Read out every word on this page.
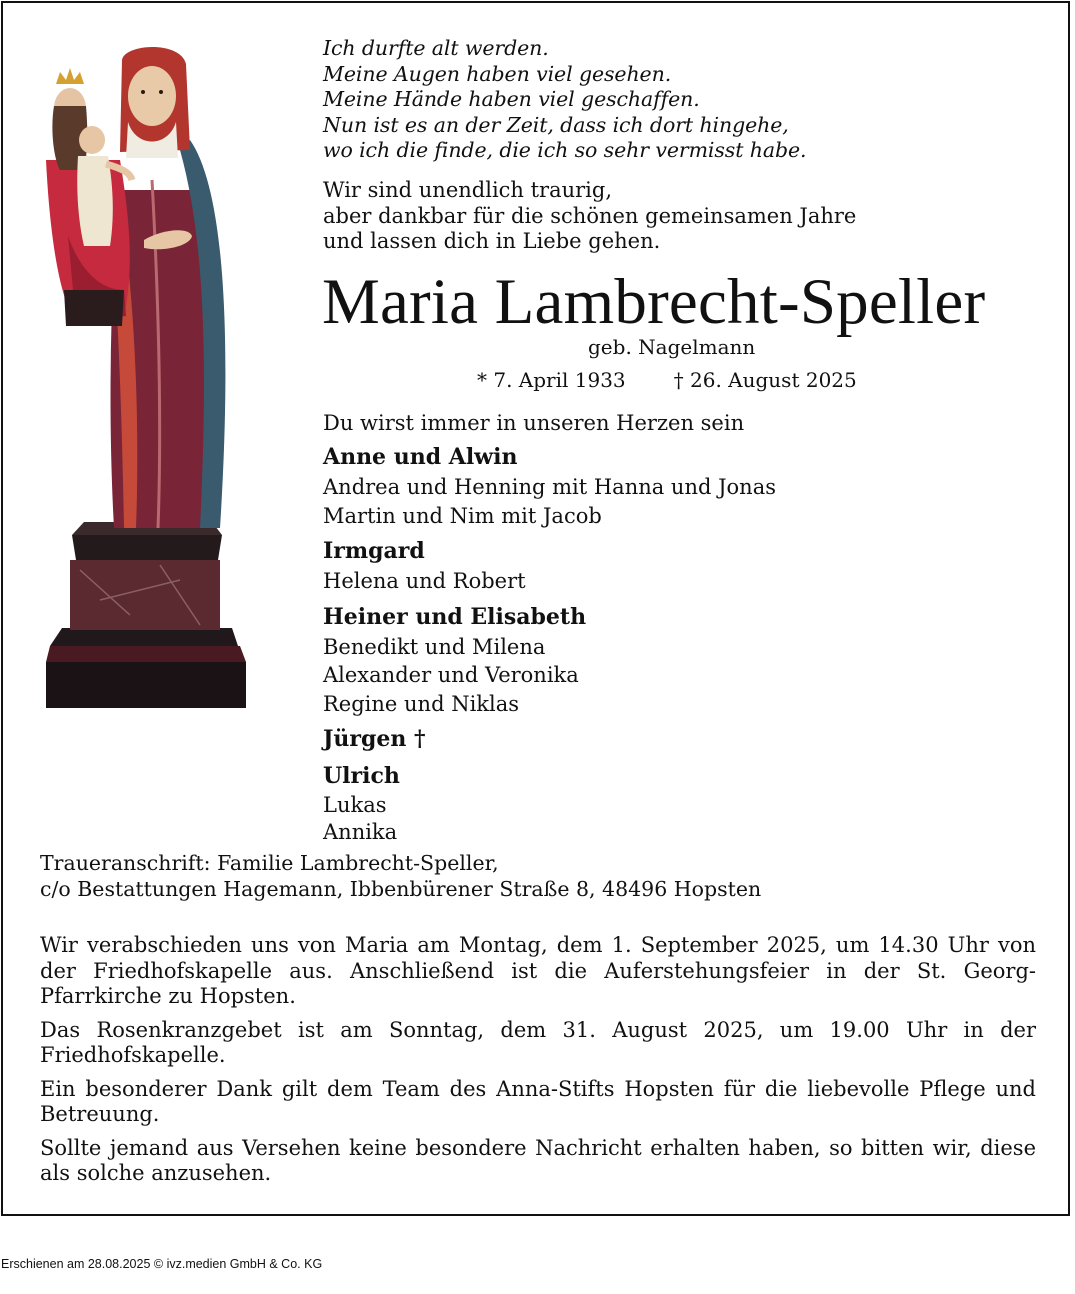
Ich durfte alt werden.
Meine Augen haben viel gesehen.
Meine Hände haben viel geschaffen.
Nun ist es an der Zeit, dass ich dort hingehe,
wo ich die finde, die ich so sehr vermisst habe.
Wir sind unendlich traurig,
aber dankbar für die schönen gemeinsamen Jahre
und lassen dich in Liebe gehen.
Maria Lambrecht-Speller
geb. Nagelmann
* 7. April 1933 † 26. August 2025
Du wirst immer in unseren Herzen sein
Anne und Alwin
Andrea und Henning mit Hanna und Jonas
Martin und Nim mit Jacob
Irmgard
Helena und Robert
Heiner und Elisabeth
Benedikt und Milena
Alexander und Veronika
Regine und Niklas
Jürgen †
Ulrich
Lukas
Annika
Traueranschrift: Familie Lambrecht-Speller,
c/o Bestattungen Hagemann, Ibbenbürener Straße 8, 48496 Hopsten

Wir verabschieden uns von Maria am Montag, dem 1. September 2025, um 14.30 Uhr von der Friedhofskapelle aus. Anschließend ist die Auferstehungsfeier in der St. Georg-Pfarrkirche zu Hopsten.

Das Rosenkranzgebet ist am Sonntag, dem 31. August 2025, um 19.00 Uhr in der Friedhofskapelle.

Ein besonderer Dank gilt dem Team des Anna-Stifts Hopsten für die liebevolle Pflege und Betreuung.

Sollte jemand aus Versehen keine besondere Nachricht erhalten haben, so bitten wir, diese als solche anzusehen.

Erschienen am 28.08.2025 © ivz.medien GmbH & Co. KG
